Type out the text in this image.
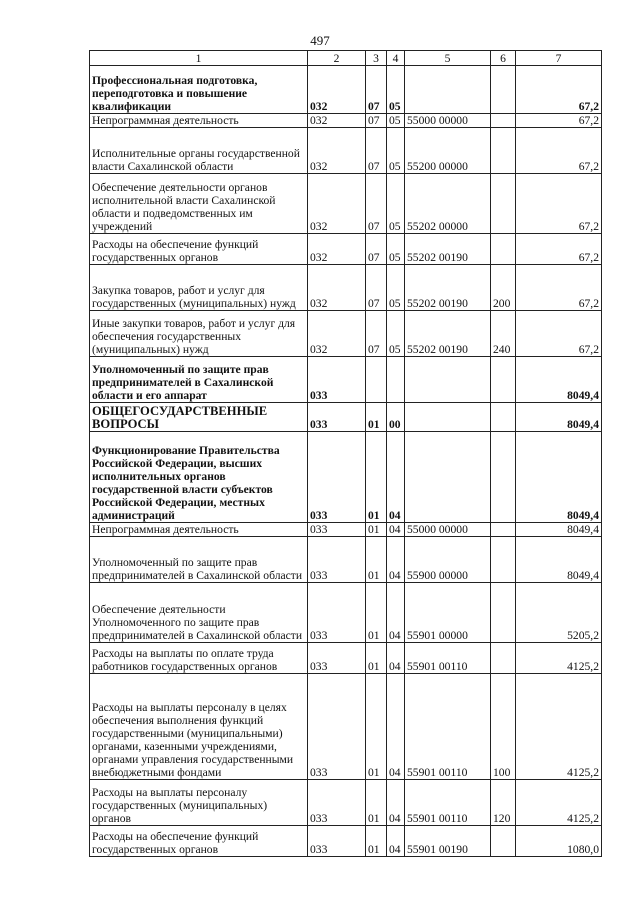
497
1	2	3	4	5	6	7
Профессиональная подготовка, переподготовка и повышение квалификации	032	07	05			67,2
Непрограммная деятельность	032	07	05	55000 00000		67,2
Исполнительные органы государственной власти Сахалинской области	032	07	05	55200 00000		67,2
Обеспечение деятельности органов исполнительной власти Сахалинской области и подведомственных им учреждений	032	07	05	55202 00000		67,2
Расходы на обеспечение функций государственных органов	032	07	05	55202 00190		67,2
Закупка товаров, работ и услуг для государственных (муниципальных) нужд	032	07	05	55202 00190	200	67,2
Иные закупки товаров, работ и услуг для обеспечения государственных (муниципальных) нужд	032	07	05	55202 00190	240	67,2
Уполномоченный по защите прав предпринимателей в Сахалинской области и его аппарат	033					8049,4
ОБЩЕГОСУДАРСТВЕННЫЕ ВОПРОСЫ	033	01	00			8049,4
Функционирование Правительства Российской Федерации, высших исполнительных органов государственной власти субъектов Российской Федерации, местных администраций	033	01	04			8049,4
Непрограммная деятельность	033	01	04	55000 00000		8049,4
Уполномоченный по защите прав предпринимателей в Сахалинской области	033	01	04	55900 00000		8049,4
Обеспечение деятельности Уполномоченного по защите прав предпринимателей в Сахалинской области	033	01	04	55901 00000		5205,2
Расходы на выплаты по оплате труда работников государственных органов	033	01	04	55901 00110		4125,2
Расходы на выплаты персоналу в целях обеспечения выполнения функций государственными (муниципальными) органами, казенными учреждениями, органами управления государственными внебюджетными фондами	033	01	04	55901 00110	100	4125,2
Расходы на выплаты персоналу государственных (муниципальных) органов	033	01	04	55901 00110	120	4125,2
Расходы на обеспечение функций государственных органов	033	01	04	55901 00190		1080,0
